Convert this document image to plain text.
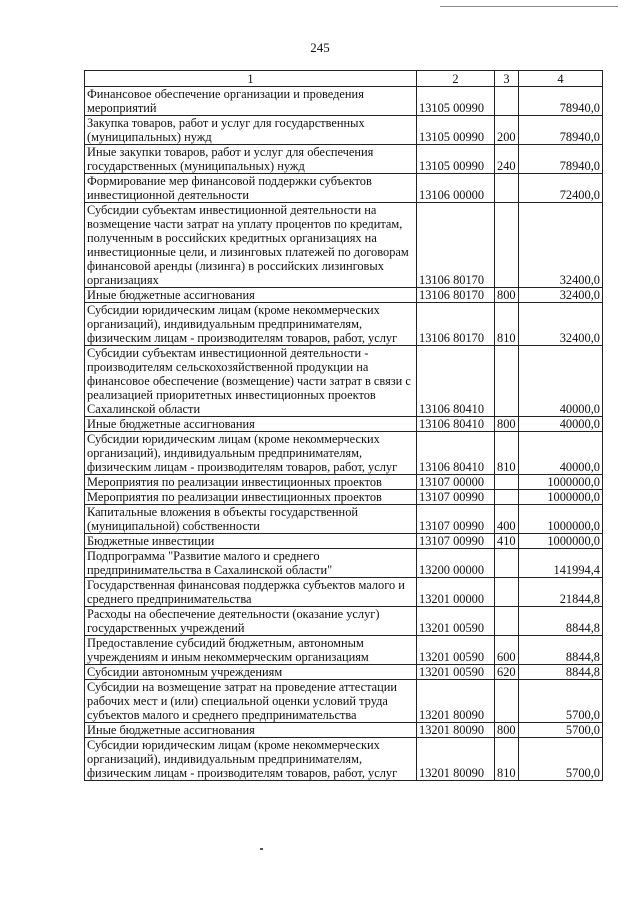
245
1	2	3	4
Финансовое обеспечение организации и проведения мероприятий	13105 00990		78940,0
Закупка товаров, работ и услуг для государственных (муниципальных) нужд	13105 00990	200	78940,0
Иные закупки товаров, работ и услуг для обеспечения государственных (муниципальных) нужд	13105 00990	240	78940,0
Формирование мер финансовой поддержки субъектов инвестиционной деятельности	13106 00000		72400,0
Субсидии субъектам инвестиционной деятельности на возмещение части затрат на уплату процентов по кредитам, полученным в российских кредитных организациях на инвестиционные цели, и лизинговых платежей по договорам финансовой аренды (лизинга) в российских лизинговых организациях	13106 80170		32400,0
Иные бюджетные ассигнования	13106 80170	800	32400,0
Субсидии юридическим лицам (кроме некоммерческих организаций), индивидуальным предпринимателям, физическим лицам - производителям товаров, работ, услуг	13106 80170	810	32400,0
Субсидии субъектам инвестиционной деятельности - производителям сельскохозяйственной продукции на финансовое обеспечение (возмещение) части затрат в связи с реализацией приоритетных инвестиционных проектов Сахалинской области	13106 80410		40000,0
Иные бюджетные ассигнования	13106 80410	800	40000,0
Субсидии юридическим лицам (кроме некоммерческих организаций), индивидуальным предпринимателям, физическим лицам - производителям товаров, работ, услуг	13106 80410	810	40000,0
Мероприятия по реализации инвестиционных проектов	13107 00000		1000000,0
Мероприятия по реализации инвестиционных проектов	13107 00990		1000000,0
Капитальные вложения в объекты государственной (муниципальной) собственности	13107 00990	400	1000000,0
Бюджетные инвестиции	13107 00990	410	1000000,0
Подпрограмма "Развитие малого и среднего предпринимательства в Сахалинской области"	13200 00000		141994,4
Государственная финансовая поддержка субъектов малого и среднего предпринимательства	13201 00000		21844,8
Расходы на обеспечение деятельности (оказание услуг) государственных учреждений	13201 00590		8844,8
Предоставление субсидий бюджетным, автономным учреждениям и иным некоммерческим организациям	13201 00590	600	8844,8
Субсидии автономным учреждениям	13201 00590	620	8844,8
Субсидии на возмещение затрат на проведение аттестации рабочих мест и (или) специальной оценки условий труда субъектов малого и среднего предпринимательства	13201 80090		5700,0
Иные бюджетные ассигнования	13201 80090	800	5700,0
Субсидии юридическим лицам (кроме некоммерческих организаций), индивидуальным предпринимателям, физическим лицам - производителям товаров, работ, услуг	13201 80090	810	5700,0
